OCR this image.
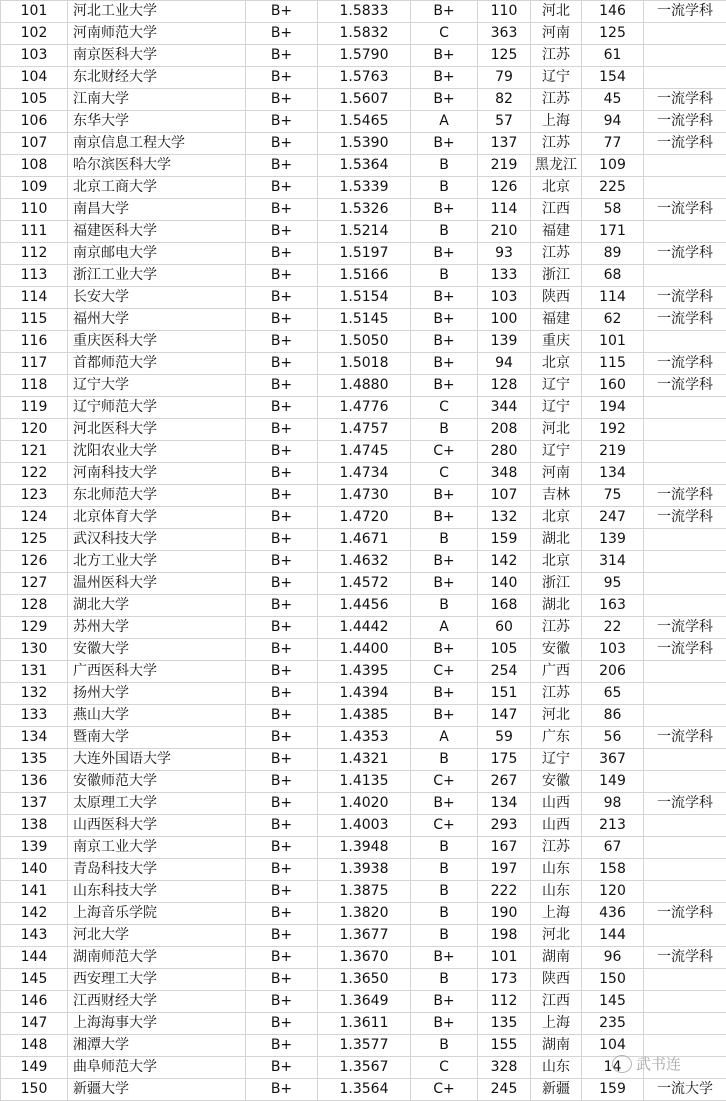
101	河北工业大学	B+	1.5833	B+	110	河北	146	一流学科
102	河南师范大学	B+	1.5832	C	363	河南	125	
103	南京医科大学	B+	1.5790	B+	125	江苏	61	
104	东北财经大学	B+	1.5763	B+	79	辽宁	154	
105	江南大学	B+	1.5607	B+	82	江苏	45	一流学科
106	东华大学	B+	1.5465	A	57	上海	94	一流学科
107	南京信息工程大学	B+	1.5390	B+	137	江苏	77	一流学科
108	哈尔滨医科大学	B+	1.5364	B	219	黑龙江	109	
109	北京工商大学	B+	1.5339	B	126	北京	225	
110	南昌大学	B+	1.5326	B+	114	江西	58	一流学科
111	福建医科大学	B+	1.5214	B	210	福建	171	
112	南京邮电大学	B+	1.5197	B+	93	江苏	89	一流学科
113	浙江工业大学	B+	1.5166	B	133	浙江	68	
114	长安大学	B+	1.5154	B+	103	陕西	114	一流学科
115	福州大学	B+	1.5145	B+	100	福建	62	一流学科
116	重庆医科大学	B+	1.5050	B+	139	重庆	101	
117	首都师范大学	B+	1.5018	B+	94	北京	115	一流学科
118	辽宁大学	B+	1.4880	B+	128	辽宁	160	一流学科
119	辽宁师范大学	B+	1.4776	C	344	辽宁	194	
120	河北医科大学	B+	1.4757	B	208	河北	192	
121	沈阳农业大学	B+	1.4745	C+	280	辽宁	219	
122	河南科技大学	B+	1.4734	C	348	河南	134	
123	东北师范大学	B+	1.4730	B+	107	吉林	75	一流学科
124	北京体育大学	B+	1.4720	B+	132	北京	247	一流学科
125	武汉科技大学	B+	1.4671	B	159	湖北	139	
126	北方工业大学	B+	1.4632	B+	142	北京	314	
127	温州医科大学	B+	1.4572	B+	140	浙江	95	
128	湖北大学	B+	1.4456	B	168	湖北	163	
129	苏州大学	B+	1.4442	A	60	江苏	22	一流学科
130	安徽大学	B+	1.4400	B+	105	安徽	103	一流学科
131	广西医科大学	B+	1.4395	C+	254	广西	206	
132	扬州大学	B+	1.4394	B+	151	江苏	65	
133	燕山大学	B+	1.4385	B+	147	河北	86	
134	暨南大学	B+	1.4353	A	59	广东	56	一流学科
135	大连外国语大学	B+	1.4321	B	175	辽宁	367	
136	安徽师范大学	B+	1.4135	C+	267	安徽	149	
137	太原理工大学	B+	1.4020	B+	134	山西	98	一流学科
138	山西医科大学	B+	1.4003	C+	293	山西	213	
139	南京工业大学	B+	1.3948	B	167	江苏	67	
140	青岛科技大学	B+	1.3938	B	197	山东	158	
141	山东科技大学	B+	1.3875	B	222	山东	120	
142	上海音乐学院	B+	1.3820	B	190	上海	436	一流学科
143	河北大学	B+	1.3677	B	198	河北	144	
144	湖南师范大学	B+	1.3670	B+	101	湖南	96	一流学科
145	西安理工大学	B+	1.3650	B	173	陕西	150	
146	江西财经大学	B+	1.3649	B+	112	江西	145	
147	上海海事大学	B+	1.3611	B+	135	上海	235	
148	湘潭大学	B+	1.3577	B	155	湖南	104	
149	曲阜师范大学	B+	1.3567	C	328	山东	14	
150	新疆大学	B+	1.3564	C+	245	新疆	159	一流大学
武书连
